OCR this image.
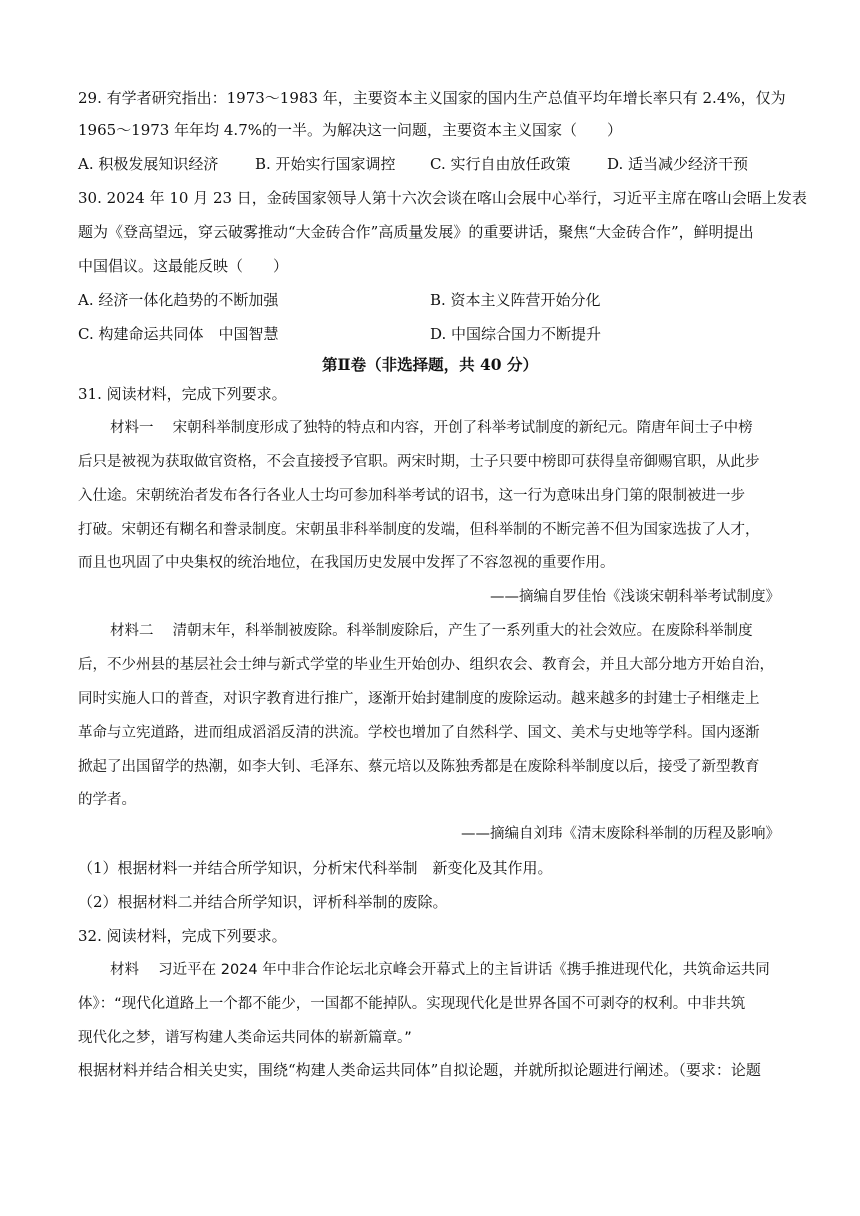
29. 有学者研究指出：1973～1983 年，主要资本主义国家的国内生产总值平均年增长率只有 2.4%，仅为
1965～1973 年年均 4.7%的一半。为解决这一问题，主要资本主义国家（　　）
A. 积极发展知识经济 B. 开始实行国家调控 C. 实行自由放任政策 D. 适当减少经济干预
30. 2024 年 10 月 23 日，金砖国家领导人第十六次会谈在喀山会展中心举行，习近平主席在喀山会晤上发表
题为《登高望远，穿云破雾推动“大金砖合作”高质量发展》的重要讲话，聚焦“大金砖合作”，鲜明提出
中国倡议。这最能反映（　　）
A. 经济一体化趋势的不断加强	B. 资本主义阵营开始分化
C. 构建命运共同体　中国智慧	D. 中国综合国力不断提升
第Ⅱ卷（非选择题，共 40 分）
31. 阅读材料，完成下列要求。
材料一　 宋朝科举制度形成了独特的特点和内容，开创了科举考试制度的新纪元。隋唐年间士子中榜
后只是被视为获取做官资格，不会直接授予官职。两宋时期，士子只要中榜即可获得皇帝御赐官职，从此步
入仕途。宋朝统治者发布各行各业人士均可参加科举考试的诏书，这一行为意味出身门第的限制被进一步
打破。宋朝还有糊名和誊录制度。宋朝虽非科举制度的发端，但科举制的不断完善不但为国家选拔了人才，
而且也巩固了中央集权的统治地位，在我国历史发展中发挥了不容忽视的重要作用。
——摘编自罗佳怡《浅谈宋朝科举考试制度》
材料二　 清朝末年，科举制被废除。科举制废除后，产生了一系列重大的社会效应。在废除科举制度
后，不少州县的基层社会士绅与新式学堂的毕业生开始创办、组织农会、教育会，并且大部分地方开始自治，
同时实施人口的普查，对识字教育进行推广，逐渐开始封建制度的废除运动。越来越多的封建士子相继走上
革命与立宪道路，进而组成滔滔反清的洪流。学校也增加了自然科学、国文、美术与史地等学科。国内逐渐
掀起了出国留学的热潮，如李大钊、毛泽东、蔡元培以及陈独秀都是在废除科举制度以后，接受了新型教育
的学者。
——摘编自刘玮《清末废除科举制的历程及影响》
（1）根据材料一并结合所学知识，分析宋代科举制　新变化及其作用。
（2）根据材料二并结合所学知识，评析科举制的废除。
32. 阅读材料，完成下列要求。
材料　 习近平在 2024 年中非合作论坛北京峰会开幕式上的主旨讲话《携手推进现代化，共筑命运共同
体》：“现代化道路上一个都不能少，一国都不能掉队。实现现代化是世界各国不可剥夺的权利。中非共筑
现代化之梦，谱写构建人类命运共同体的崭新篇章。”
根据材料并结合相关史实，围绕“构建人类命运共同体”自拟论题，并就所拟论题进行阐述。（要求：论题
